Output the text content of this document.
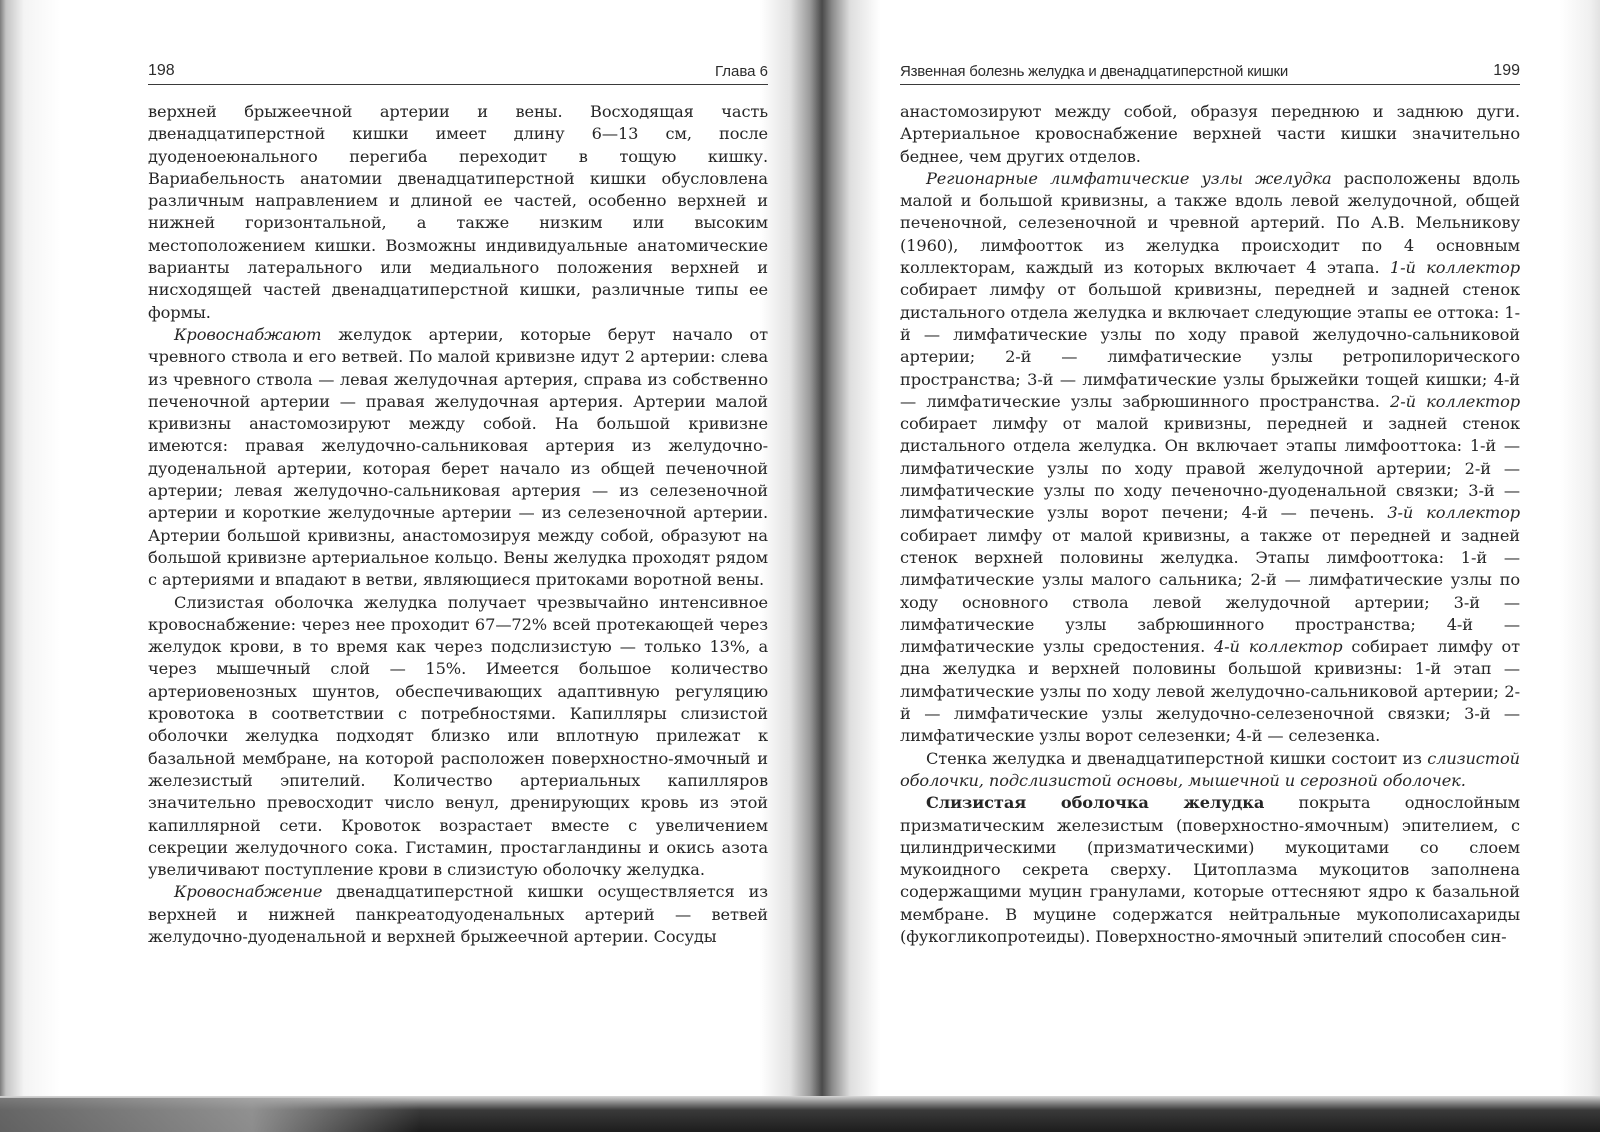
198	Глава 6

верхней брыжеечной артерии и вены. Восходящая часть двенадцатиперстной кишки имеет длину 6—13 см, после дуоденоеюнального перегиба переходит в тощую кишку. Вариабельность анатомии двенадцатиперстной кишки обусловлена различным направлением и длиной ее частей, особенно верхней и нижней горизонтальной, а также низким или высоким местоположением кишки. Возможны индивидуальные анатомические варианты латерального или медиального положения верхней и нисходящей частей двенадцатиперстной кишки, различные типы ее формы.

Кровоснабжают желудок артерии, которые берут начало от чревного ствола и его ветвей. По малой кривизне идут 2 артерии: слева из чревного ствола — левая желудочная артерия, справа из собственно печеночной артерии — правая желудочная артерия. Артерии малой кривизны анастомозируют между собой. На большой кривизне имеются: правая желудочно-сальниковая артерия из желудочно-дуоденальной артерии, которая берет начало из общей печеночной артерии; левая желудочно-сальниковая артерия — из селезеночной артерии и короткие желудочные артерии — из селезеночной артерии. Артерии большой кривизны, анастомозируя между собой, образуют на большой кривизне артериальное кольцо. Вены желудка проходят рядом с артериями и впадают в ветви, являющиеся притоками воротной вены.

Слизистая оболочка желудка получает чрезвычайно интенсивное кровоснабжение: через нее проходит 67—72% всей протекающей через желудок крови, в то время как через подслизистую — только 13%, а через мышечный слой — 15%. Имеется большое количество артериовенозных шунтов, обеспечивающих адаптивную регуляцию кровотока в соответствии с потребностями. Капилляры слизистой оболочки желудка подходят близко или вплотную прилежат к базальной мембране, на которой расположен поверхностно-ямочный и железистый эпителий. Количество артериальных капилляров значительно превосходит число венул, дренирующих кровь из этой капиллярной сети. Кровоток возрастает вместе с увеличением секреции желудочного сока. Гистамин, простагландины и окись азота увеличивают поступление крови в слизистую оболочку желудка.

Кровоснабжение двенадцатиперстной кишки осуществляется из верхней и нижней панкреатодуоденальных артерий — ветвей желудочно-дуоденальной и верхней брыжеечной артерии. Сосуды

Язвенная болезнь желудка и двенадцатиперстной кишки	199

анастомозируют между собой, образуя переднюю и заднюю дуги. Артериальное кровоснабжение верхней части кишки значительно беднее, чем других отделов.

Регионарные лимфатические узлы желудка расположены вдоль малой и большой кривизны, а также вдоль левой желудочной, общей печеночной, селезеночной и чревной артерий. По А.В. Мельникову (1960), лимфоотток из желудка происходит по 4 основным коллекторам, каждый из которых включает 4 этапа. 1-й коллектор собирает лимфу от большой кривизны, передней и задней стенок дистального отдела желудка и включает следующие этапы ее оттока: 1-й — лимфатические узлы по ходу правой желудочно-сальниковой артерии; 2-й — лимфатические узлы ретропилорического пространства; 3-й — лимфатические узлы брыжейки тощей кишки; 4-й — лимфатические узлы забрюшинного пространства. 2-й коллектор собирает лимфу от малой кривизны, передней и задней стенок дистального отдела желудка. Он включает этапы лимфооттока: 1-й — лимфатические узлы по ходу правой желудочной артерии; 2-й — лимфатические узлы по ходу печеночно-дуоденальной связки; 3-й — лимфатические узлы ворот печени; 4-й — печень. 3-й коллектор собирает лимфу от малой кривизны, а также от передней и задней стенок верхней половины желудка. Этапы лимфооттока: 1-й — лимфатические узлы малого сальника; 2-й — лимфатические узлы по ходу основного ствола левой желудочной артерии; 3-й — лимфатические узлы забрюшинного пространства; 4-й — лимфатические узлы средостения. 4-й коллектор собирает лимфу от дна желудка и верхней половины большой кривизны: 1-й этап — лимфатические узлы по ходу левой желудочно-сальниковой артерии; 2-й — лимфатические узлы желудочно-селезеночной связки; 3-й — лимфатические узлы ворот селезенки; 4-й — селезенка.

Стенка желудка и двенадцатиперстной кишки состоит из слизистой оболочки, подслизистой основы, мышечной и серозной оболочек.

Слизистая оболочка желудка покрыта однослойным призматическим железистым (поверхностно-ямочным) эпителием, с цилиндрическими (призматическими) мукоцитами со слоем мукоидного секрета сверху. Цитоплазма мукоцитов заполнена содержащими муцин гранулами, которые оттесняют ядро к базальной мембране. В муцине содержатся нейтральные мукополисахариды (фукогликопротеиды). Поверхностно-ямочный эпителий способен син-
